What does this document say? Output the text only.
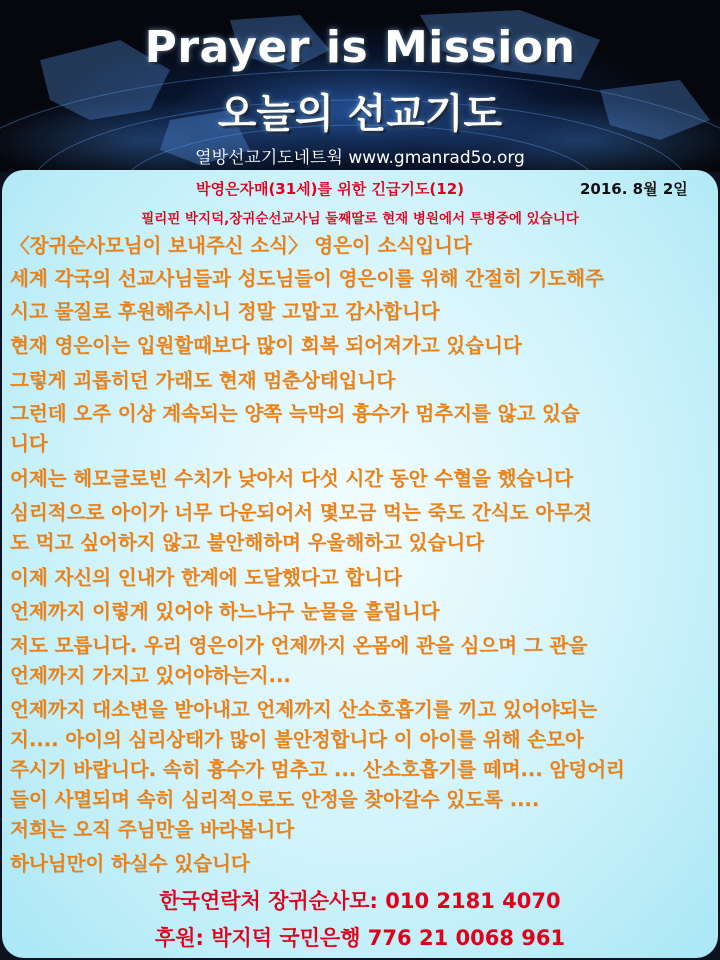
Prayer is Mission
오늘의 선교기도
열방선교기도네트웍 www.gmanrad5o.org
박영은자매(31세)를 위한 긴급기도(12)	2016. 8월 2일
필리핀 박지덕,장귀순선교사님 둘째딸로 현재 병원에서 투병중에 있습니다
〈장귀순사모님이 보내주신 소식〉 영은이 소식입니다
세계 각국의 선교사님들과 성도님들이 영은이를 위해 간절히 기도해주
시고 물질로 후원해주시니 정말 고맙고 감사합니다
현재 영은이는 입원할때보다 많이 회복 되어져가고 있습니다
그렇게 괴롭히던 가래도 현재 멈춘상태입니다
그런데 오주 이상 계속되는 양쪽 늑막의 흉수가 멈추지를 않고 있습
니다
어제는 헤모글로빈 수치가 낮아서 다섯 시간 동안 수혈을 했습니다
심리적으로 아이가 너무 다운되어서 몇모금 먹는 죽도 간식도 아무것
도 먹고 싶어하지 않고 불안해하며 우울해하고 있습니다
이제 자신의 인내가 한계에 도달했다고 합니다
언제까지 이렇게 있어야 하느냐구 눈물을 흘립니다
저도 모릅니다. 우리 영은이가 언제까지 온몸에 관을 심으며 그 관을
언제까지 가지고 있어야하는지...
언제까지 대소변을 받아내고 언제까지 산소호흡기를 끼고 있어야되는
지.... 아이의 심리상태가 많이 불안정합니다 이 아이를 위해 손모아
주시기 바랍니다. 속히 흉수가 멈추고 ... 산소호흡기를 떼며... 암덩어리
들이 사멸되며 속히 심리적으로도 안정을 찾아갈수 있도록 ....
저희는 오직 주님만을 바라봅니다
하나님만이 하실수 있습니다
한국연락처 장귀순사모: 010 2181 4070
후원: 박지덕 국민은행 776 21 0068 961
